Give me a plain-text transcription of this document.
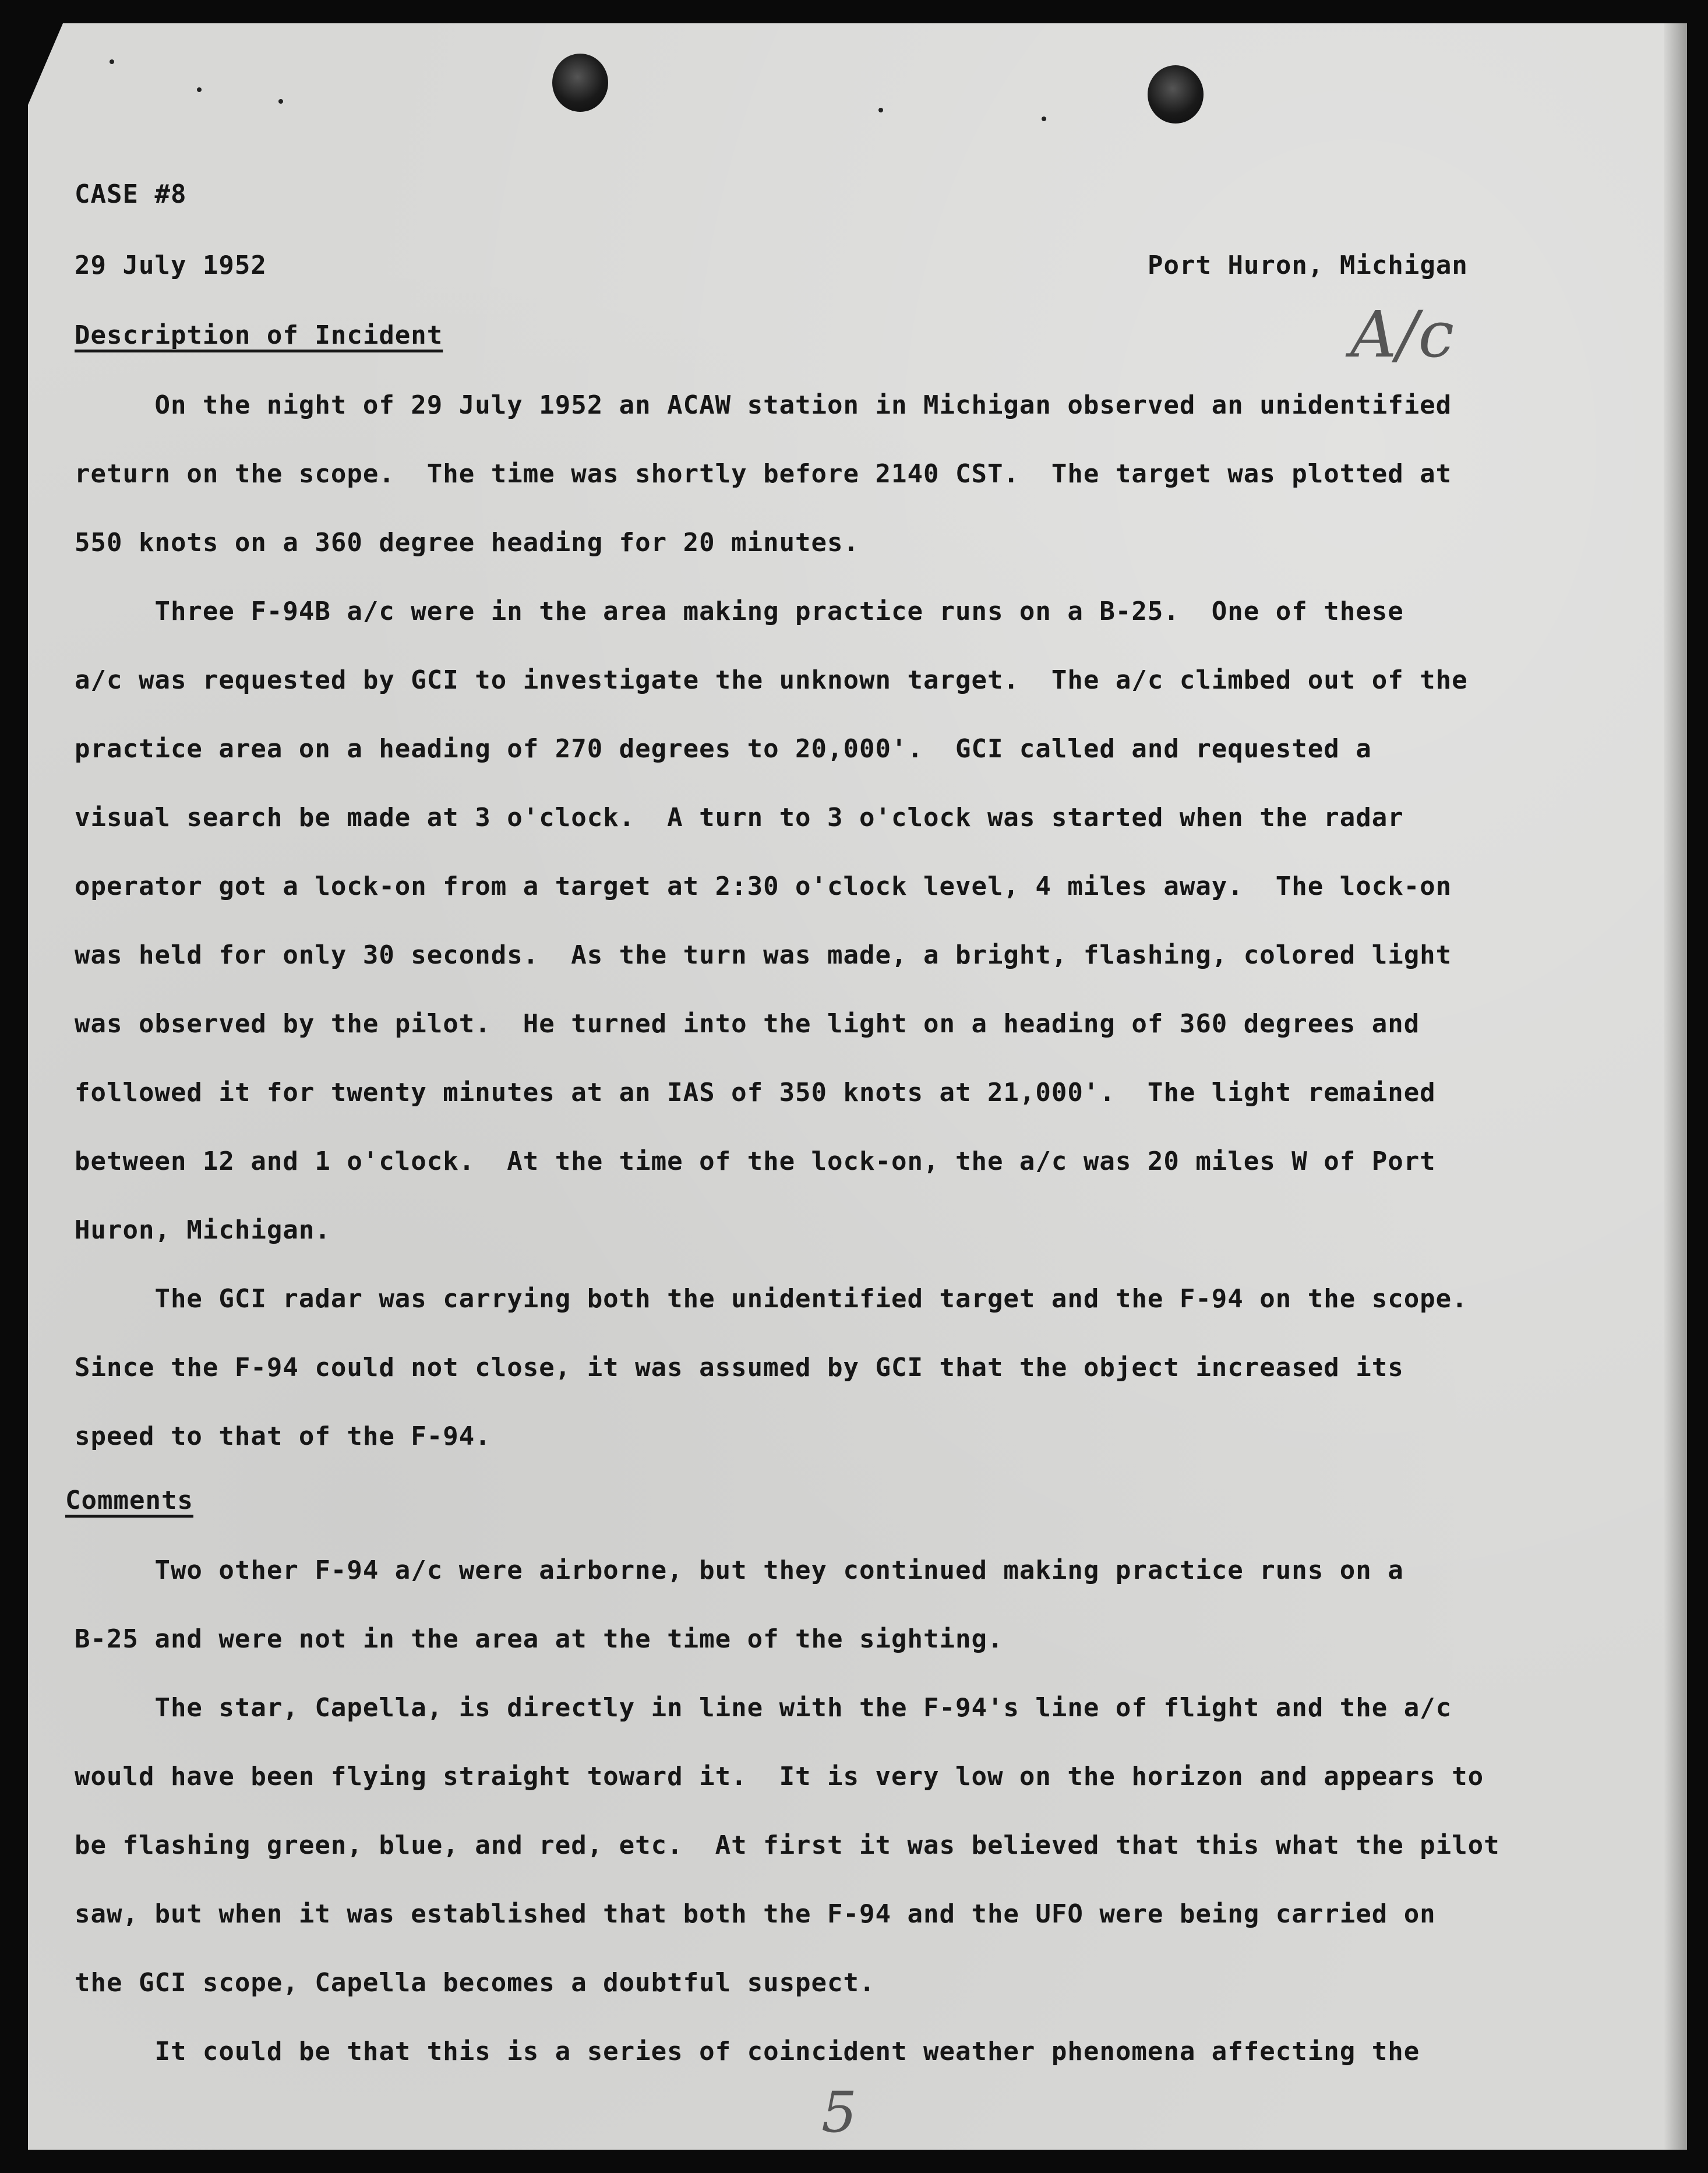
CASE #8
29 July 1952	Port Huron, Michigan
A/c
Description of Incident
On the night of 29 July 1952 an ACAW station in Michigan observed an unidentified
return on the scope.  The time was shortly before 2140 CST.  The target was plotted at
550 knots on a 360 degree heading for 20 minutes.
Three F-94B a/c were in the area making practice runs on a B-25.  One of these
a/c was requested by GCI to investigate the unknown target.  The a/c climbed out of the
practice area on a heading of 270 degrees to 20,000'.  GCI called and requested a
visual search be made at 3 o'clock.  A turn to 3 o'clock was started when the radar
operator got a lock-on from a target at 2:30 o'clock level, 4 miles away.  The lock-on
was held for only 30 seconds.  As the turn was made, a bright, flashing, colored light
was observed by the pilot.  He turned into the light on a heading of 360 degrees and
followed it for twenty minutes at an IAS of 350 knots at 21,000'.  The light remained
between 12 and 1 o'clock.  At the time of the lock-on, the a/c was 20 miles W of Port
Huron, Michigan.
The GCI radar was carrying both the unidentified target and the F-94 on the scope.
Since the F-94 could not close, it was assumed by GCI that the object increased its
speed to that of the F-94.
Comments
Two other F-94 a/c were airborne, but they continued making practice runs on a
B-25 and were not in the area at the time of the sighting.
The star, Capella, is directly in line with the F-94's line of flight and the a/c
would have been flying straight toward it.  It is very low on the horizon and appears to
be flashing green, blue, and red, etc.  At first it was believed that this what the pilot
saw, but when it was established that both the F-94 and the UFO were being carried on
the GCI scope, Capella becomes a doubtful suspect.
It could be that this is a series of coincident weather phenomena affecting the
5
